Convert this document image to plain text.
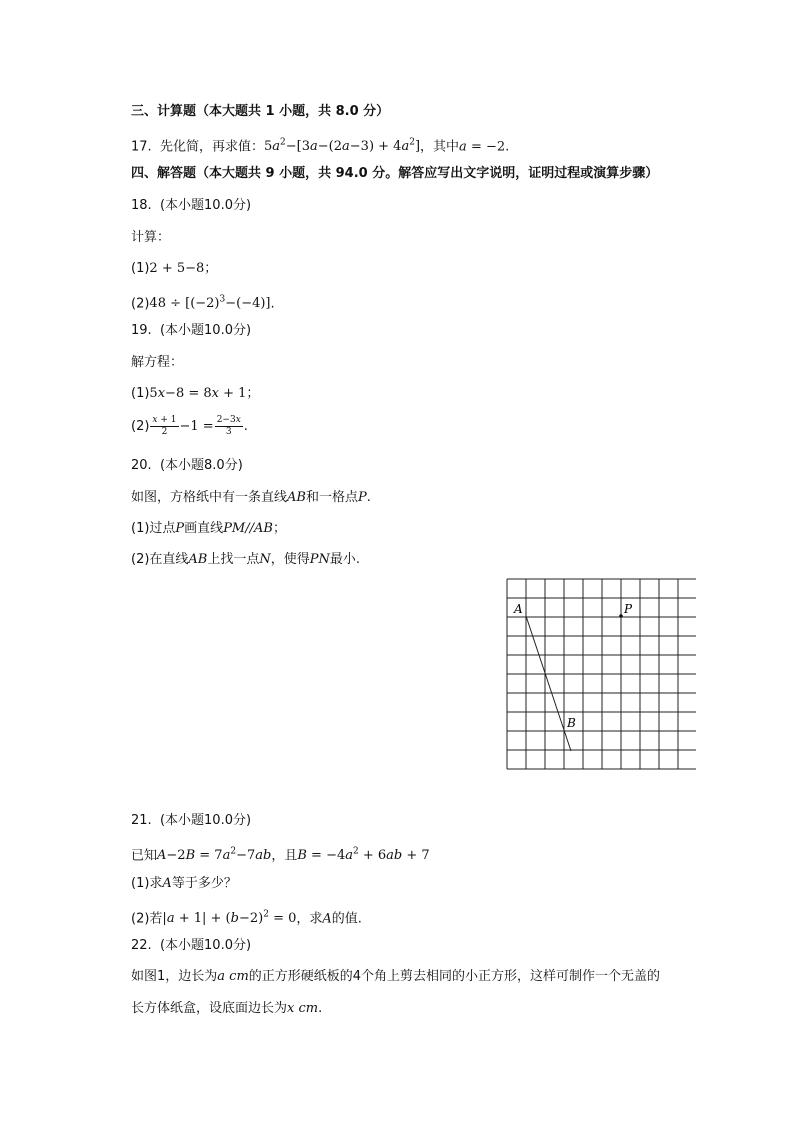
三、计算题（本大题共 1 小题，共 8.0 分）
17. 先化简，再求值：$5a^2-[3a-(2a-3) + 4a^2]$，其中a = −2.
四、解答题（本大题共 9 小题，共 94.0 分。解答应写出文字说明，证明过程或演算步骤）
18. (本小题10.0分)
计算：
(1)2 + 5−8；
$(2)48 \div [(-2)^3-(-4)]$.
19. (本小题10.0分)
解方程：
(1)5x−8 = 8x + 1；
$(2) \frac{x + 1}{2} -1 = \frac{2-3x}{3}$ .
20. (本小题8.0分)
如图，方格纸中有一条直线AB和一格点P.
(1)过点P画直线PM//AB；
(2)在直线AB上找一点N，使得PN最小.
A
B
P
21. (本小题10.0分)
已知$A-2B = 7a^2-7ab$，且$B = -4a^2 + 6ab + 7$
(1)求A等于多少？
(2)若$|a + 1| + (b-2)^2 = 0$，求A的值.
22. (本小题10.0分)
如图1，边长为a cm的正方形硬纸板的4个角上剪去相同的小正方形，这样可制作一个无盖的
长方体纸盒，设底面边长为x cm.
